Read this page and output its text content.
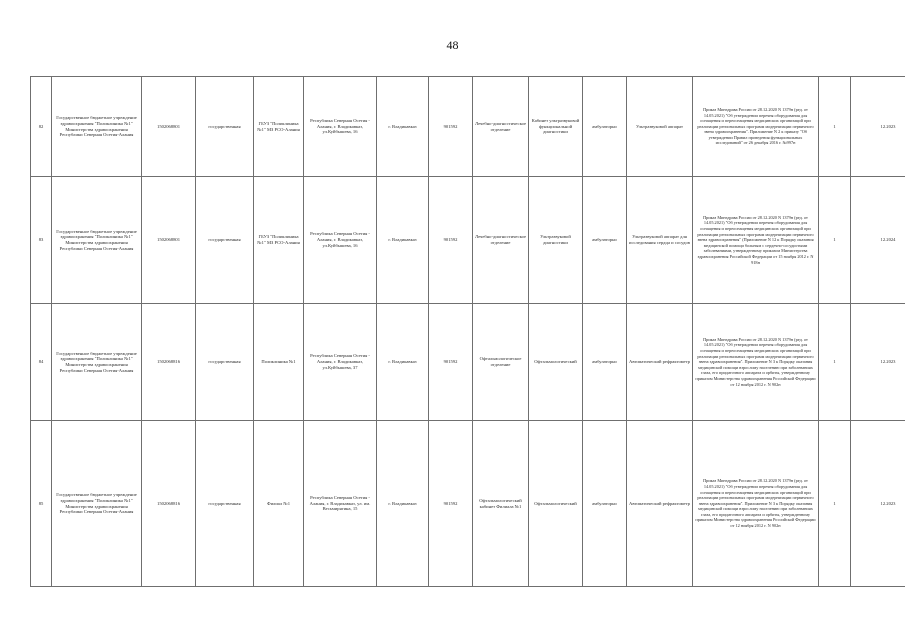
48
82	Государственное бюджетное учреждение здравоохранения "Поликлиника №1" Министерства здравоохранения Республики Северная Осетия-Алания	1502068801	государственная	ГБУЗ "Поликлиника №1" МЗ РСО-Алания	Республика Северная Осетия - Алания, г. Владикавказ, ул.Куйбышева, 16	г. Владикавказ	901592	Лечебно-диагностическое отделение	Кабинет ультразвуковой функциональной диагностики	амбулаторно	Ультразвуковой аппарат	Приказ Минздрава России от 28.12.2020 N 1379н (ред. от 14.05.2021) "Об утверждении перечня оборудования для оснащения и переоснащения медицинских организаций при реализации региональных программ модернизации первичного звена здравоохранения". Приложение N 2 к приказу "Об утверждении Правил проведения функциональных исследований" от 26 декабря 2016 г. №997н	1	12.2023
83	Государственное бюджетное учреждение здравоохранения "Поликлиника №1" Министерства здравоохранения Республики Северная Осетия-Алания	1502068801	государственная	ГБУЗ "Поликлиника №1" МЗ РСО-Алания	Республика Северная Осетия - Алания, г. Владикавказ, ул.Куйбышева, 16	г. Владикавказ	901592	Лечебно-диагностическое отделение	Ультразвуковой диагностики	амбулаторно	Ультразвуковой аппарат для исследования сердца и сосудов	Приказ Минздрава России от 28.12.2020 N 1379н (ред. от 14.05.2021) "Об утверждении перечня оборудования для оснащения и переоснащения медицинских организаций при реализации региональных программ модернизации первичного звена здравоохранения" (Приложение N 12 к Порядку оказания медицинской помощи больным с сердечно-сосудистыми заболеваниями, утвержденному приказом Министерства здравоохранения Российской Федерации от 15 ноября 2012 г. N 918н	1	12.2024
84	Государственное бюджетное учреждение здравоохранения "Поликлиника №1" Министерства здравоохранения Республики Северная Осетия-Алания	1502068816	государственная	Поликлиника №1	Республика Северная Осетия - Алания, г. Владикавказ, ул.Куйбышева, 37	г. Владикавказ	901592	Офтальмологическое отделение	Офтальмологический	амбулаторно	Автоматический рефрактометр	Приказ Минздрава России от 28.12.2020 N 1379н (ред. от 14.05.2021) "Об утверждении перечня оборудования для оснащения и переоснащения медицинских организаций при реализации региональных программ модернизации первичного звена здравоохранения". Приложение N 3 к Порядку оказания медицинской помощи взрослому населению при заболеваниях глаза, его придаточного аппарата и орбиты, утвержденному приказом Министерства здравоохранения Российской Федерации от 12 ноября 2012 г. N 902н	1	12.2023
85	Государственное бюджетное учреждение здравоохранения "Поликлиника №1" Министерства здравоохранения Республики Северная Осетия-Алания	1502068816	государственная	Филиал №1	Республика Северная Осетия - Алания, г. Владикавказ, ул. им. Весьмирягина, 15	г. Владикавказ	901592	Офтальмологический кабинет Филиала №1	Офтальмологический	амбулаторно	Автоматический рефрактометр	Приказ Минздрава России от 28.12.2020 N 1379н (ред. от 14.05.2021) "Об утверждении перечня оборудования для оснащения и переоснащения медицинских организаций при реализации региональных программ модернизации первичного звена здравоохранения". Приложение N 3 к Порядку оказания медицинской помощи взрослому населению при заболеваниях глаза, его придаточного аппарата и орбиты, утвержденному приказом Министерства здравоохранения Российской Федерации от 12 ноября 2012 г. N 902н	1	12.2023
